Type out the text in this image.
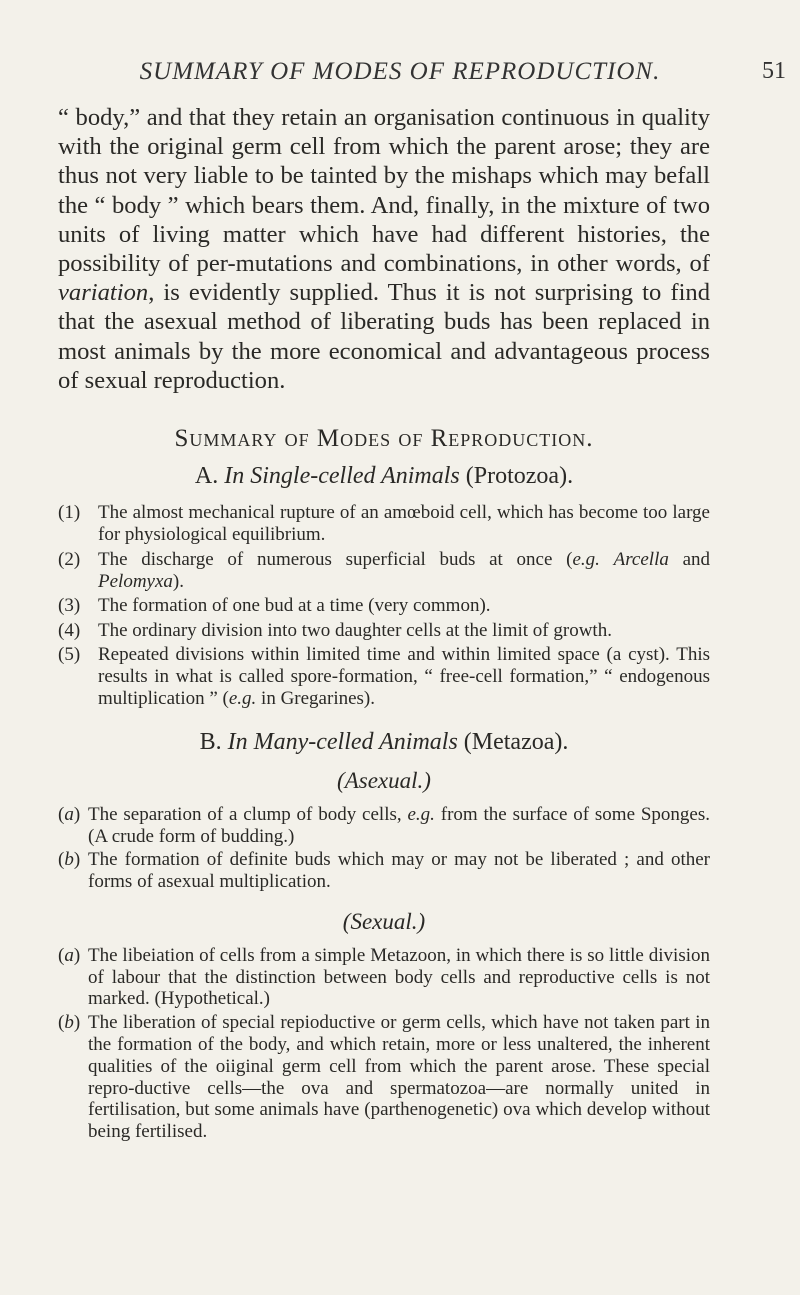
SUMMARY OF MODES OF REPRODUCTION.	51

“ body,” and that they retain an organisation continuous in quality with the original germ cell from which the parent arose; they are thus not very liable to be tainted by the mishaps which may befall the “ body ” which bears them. And, finally, in the mixture of two units of living matter which have had different histories, the possibility of per-mutations and combinations, in other words, of variation, is evidently supplied. Thus it is not surprising to find that the asexual method of liberating buds has been replaced in most animals by the more economical and advantageous process of sexual reproduction.

Summary of Modes of Reproduction.
A. In Single-celled Animals (Protozoa).
(1) The almost mechanical rupture of an amœboid cell, which has become too large for physiological equilibrium.
(2) The discharge of numerous superficial buds at once (e.g. Arcella and Pelomyxa).
(3) The formation of one bud at a time (very common).
(4) The ordinary division into two daughter cells at the limit of growth.
(5) Repeated divisions within limited time and within limited space (a cyst). This results in what is called spore-formation, “ free-cell formation,” “ endogenous multiplication ” (e.g. in Gregarines).
B. In Many-celled Animals (Metazoa).
(Asexual.)
(a) The separation of a clump of body cells, e.g. from the surface of some Sponges. (A crude form of budding.)
(b) The formation of definite buds which may or may not be liberated ; and other forms of asexual multiplication.
(Sexual.)
(a) The libeiation of cells from a simple Metazoon, in which there is so little division of labour that the distinction between body cells and reproductive cells is not marked. (Hypothetical.)
(b) The liberation of special repioductive or germ cells, which have not taken part in the formation of the body, and which retain, more or less unaltered, the inherent qualities of the oiiginal germ cell from which the parent arose. These special repro-ductive cells—the ova and spermatozoa—are normally united in fertilisation, but some animals have (parthenogenetic) ova which develop without being fertilised.
